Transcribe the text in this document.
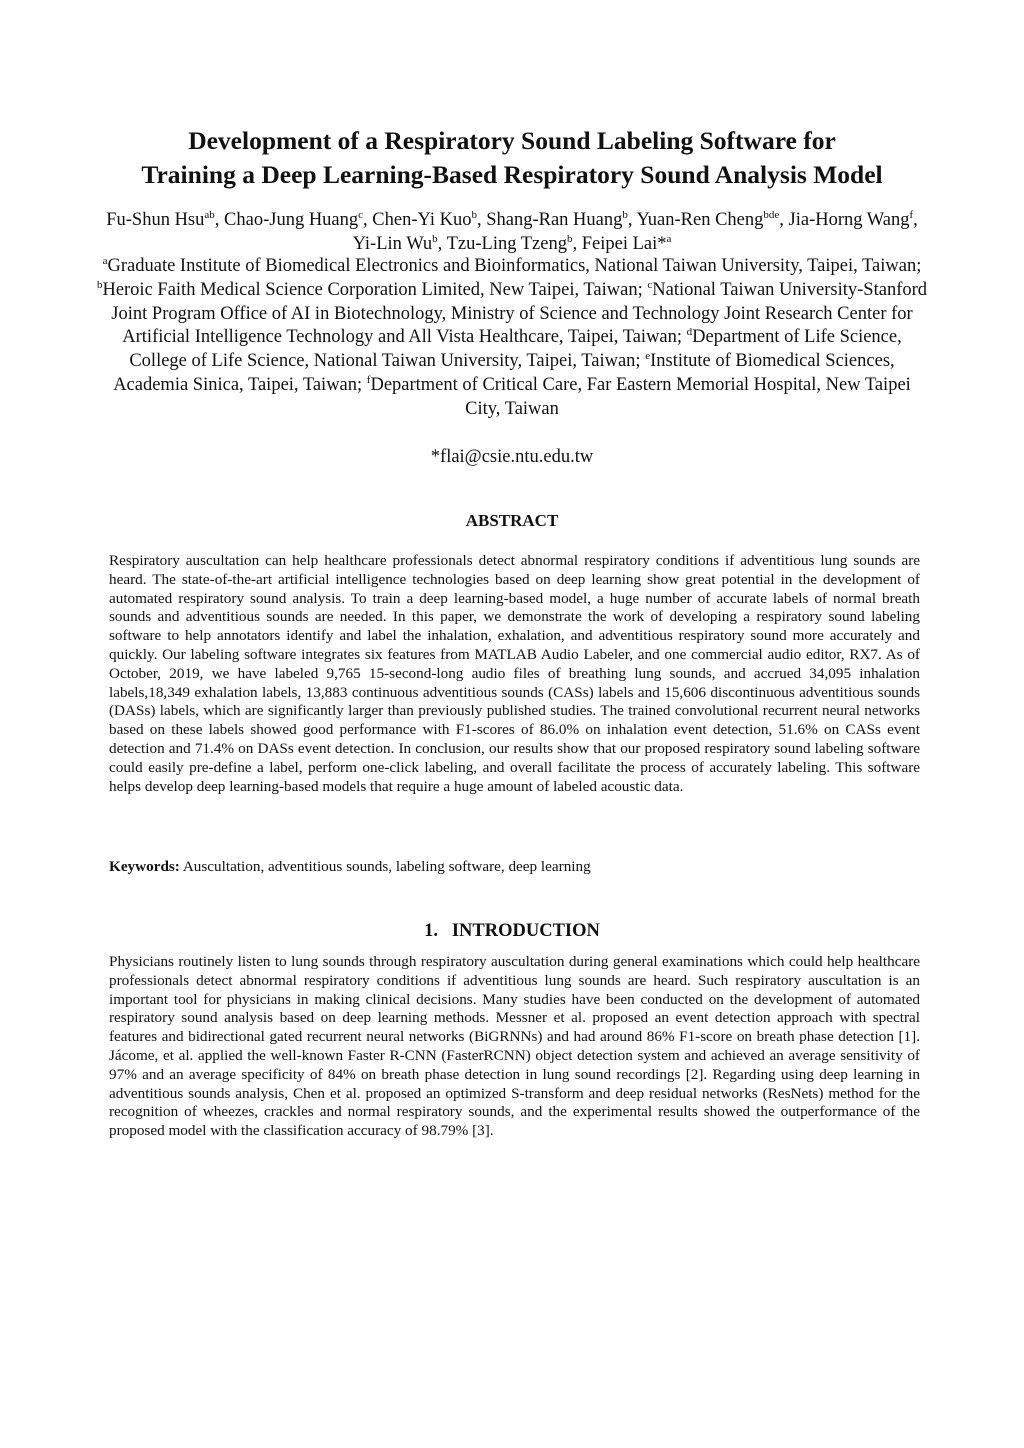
Development of a Respiratory Sound Labeling Software for
Training a Deep Learning-Based Respiratory Sound Analysis Model
Fu-Shun Hsu$^{ab}$, Chao-Jung Huang$^c$, Chen-Yi Kuo$^b$, Shang-Ran Huang$^b$, Yuan-Ren Cheng$^{bde}$, Jia-Horng Wang$^f$, Yi-Lin Wu$^b$, Tzu-Ling Tzeng$^b$, Feipei Lai*$^a$
$^a$Graduate Institute of Biomedical Electronics and Bioinformatics, National Taiwan University, Taipei, Taiwan; $^b$Heroic Faith Medical Science Corporation Limited, New Taipei, Taiwan; $^c$National Taiwan University-Stanford Joint Program Office of AI in Biotechnology, Ministry of Science and Technology Joint Research Center for Artificial Intelligence Technology and All Vista Healthcare, Taipei, Taiwan; $^d$Department of Life Science, College of Life Science, National Taiwan University, Taipei, Taiwan; $^e$Institute of Biomedical Sciences, Academia Sinica, Taipei, Taiwan; $^f$Department of Critical Care, Far Eastern Memorial Hospital, New Taipei City, Taiwan
*flai@csie.ntu.edu.tw
ABSTRACT
Respiratory auscultation can help healthcare professionals detect abnormal respiratory conditions if adventitious lung sounds are heard. The state-of-the-art artificial intelligence technologies based on deep learning show great potential in the development of automated respiratory sound analysis. To train a deep learning-based model, a huge number of accurate labels of normal breath sounds and adventitious sounds are needed. In this paper, we demonstrate the work of developing a respiratory sound labeling software to help annotators identify and label the inhalation, exhalation, and adventitious respiratory sound more accurately and quickly. Our labeling software integrates six features from MATLAB Audio Labeler, and one commercial audio editor, RX7. As of October, 2019, we have labeled 9,765 15-second-long audio files of breathing lung sounds, and accrued 34,095 inhalation labels,18,349 exhalation labels, 13,883 continuous adventitious sounds (CASs) labels and 15,606 discontinuous adventitious sounds (DASs) labels, which are significantly larger than previously published studies. The trained convolutional recurrent neural networks based on these labels showed good performance with F1-scores of 86.0% on inhalation event detection, 51.6% on CASs event detection and 71.4% on DASs event detection. In conclusion, our results show that our proposed respiratory sound labeling software could easily pre-define a label, perform one-click labeling, and overall facilitate the process of accurately labeling. This software helps develop deep learning-based models that require a huge amount of labeled acoustic data.
Keywords: Auscultation, adventitious sounds, labeling software, deep learning
1.   INTRODUCTION
Physicians routinely listen to lung sounds through respiratory auscultation during general examinations which could help healthcare professionals detect abnormal respiratory conditions if adventitious lung sounds are heard. Such respiratory auscultation is an important tool for physicians in making clinical decisions. Many studies have been conducted on the development of automated respiratory sound analysis based on deep learning methods. Messner et al. proposed an event detection approach with spectral features and bidirectional gated recurrent neural networks (BiGRNNs) and had around 86% F1-score on breath phase detection [1]. Jácome, et al. applied the well-known Faster R-CNN (FasterRCNN) object detection system and achieved an average sensitivity of 97% and an average specificity of 84% on breath phase detection in lung sound recordings [2]. Regarding using deep learning in adventitious sounds analysis, Chen et al. proposed an optimized S-transform and deep residual networks (ResNets) method for the recognition of wheezes, crackles and normal respiratory sounds, and the experimental results showed the outperformance of the proposed model with the classification accuracy of 98.79% [3].
